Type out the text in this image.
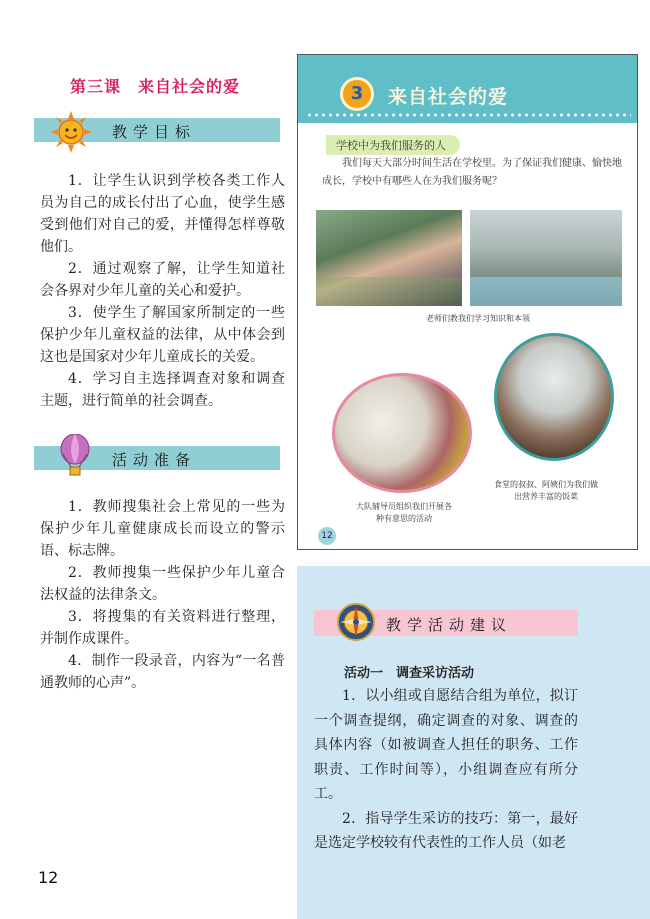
第三课　来自社会的爱
教学目标

1．让学生认识到学校各类工作人员为自己的成长付出了心血，使学生感受到他们对自己的爱，并懂得怎样尊敬他们。

2．通过观察了解，让学生知道社会各界对少年儿童的关心和爱护。

3．使学生了解国家所制定的一些保护少年儿童权益的法律，从中体会到这也是国家对少年儿童成长的关爱。

4．学习自主选择调查对象和调查主题，进行简单的社会调查。

活动准备

1．教师搜集社会上常见的一些为保护少年儿童健康成长而设立的警示语、标志牌。

2．教师搜集一些保护少年儿童合法权益的法律条文。

3．将搜集的有关资料进行整理，并制作成课件。

4．制作一段录音，内容为“一名普通教师的心声”。

12
3	来自社会的爱
学校中为我们服务的人

我们每天大部分时间生活在学校里。为了保证我们健康、愉快地成长，学校中有哪些人在为我们服务呢？

老师们教我们学习知识和本领
大队辅导员组织我们开展各种有意思的活动
食堂的叔叔、阿姨们为我们做出营养丰富的饭菜
12
教学活动建议
活动一　调查采访活动

1．以小组或自愿结合组为单位，拟订一个调查提纲，确定调查的对象、调查的具体内容（如被调查人担任的职务、工作职责、工作时间等），小组调查应有所分工。

2．指导学生采访的技巧：第一，最好是选定学校较有代表性的工作人员（如老
